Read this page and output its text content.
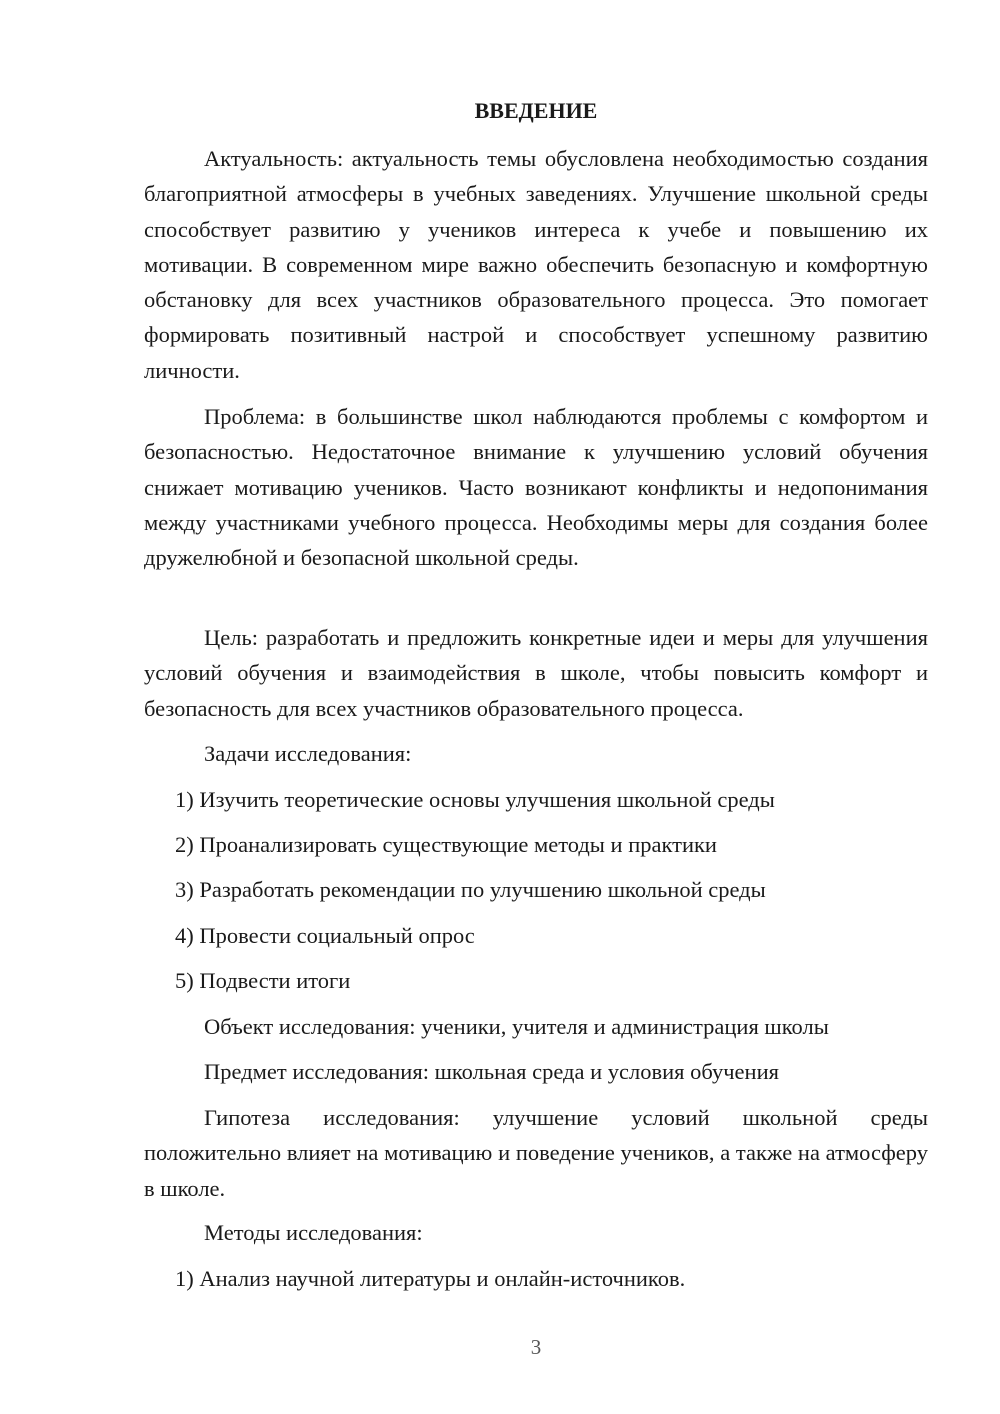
ВВЕДЕНИЕ

Актуальность: актуальность темы обусловлена необходимостью создания благоприятной атмосферы в учебных заведениях. Улучшение школьной среды способствует развитию у учеников интереса к учебе и повышению их мотивации. В современном мире важно обеспечить безопасную и комфортную обстановку для всех участников образовательного процесса. Это помогает формировать позитивный настрой и способствует успешному развитию личности.

Проблема: в большинстве школ наблюдаются проблемы с комфортом и безопасностью. Недостаточное внимание к улучшению условий обучения снижает мотивацию учеников. Часто возникают конфликты и недопонимания между участниками учебного процесса. Необходимы меры для создания более дружелюбной и безопасной школьной среды.

Цель: разработать и предложить конкретные идеи и меры для улучшения условий обучения и взаимодействия в школе, чтобы повысить комфорт и безопасность для всех участников образовательного процесса.

Задачи исследования:

1) Изучить теоретические основы улучшения школьной среды

2) Проанализировать существующие методы и практики

3) Разработать рекомендации по улучшению школьной среды

4) Провести социальный опрос

5) Подвести итоги

Объект исследования: ученики, учителя и администрация школы

Предмет исследования: школьная среда и условия обучения

Гипотеза исследования: улучшение условий школьной среды положительно влияет на мотивацию и поведение учеников, а также на атмосферу в школе.

Методы исследования:

1) Анализ научной литературы и онлайн-источников.

3
